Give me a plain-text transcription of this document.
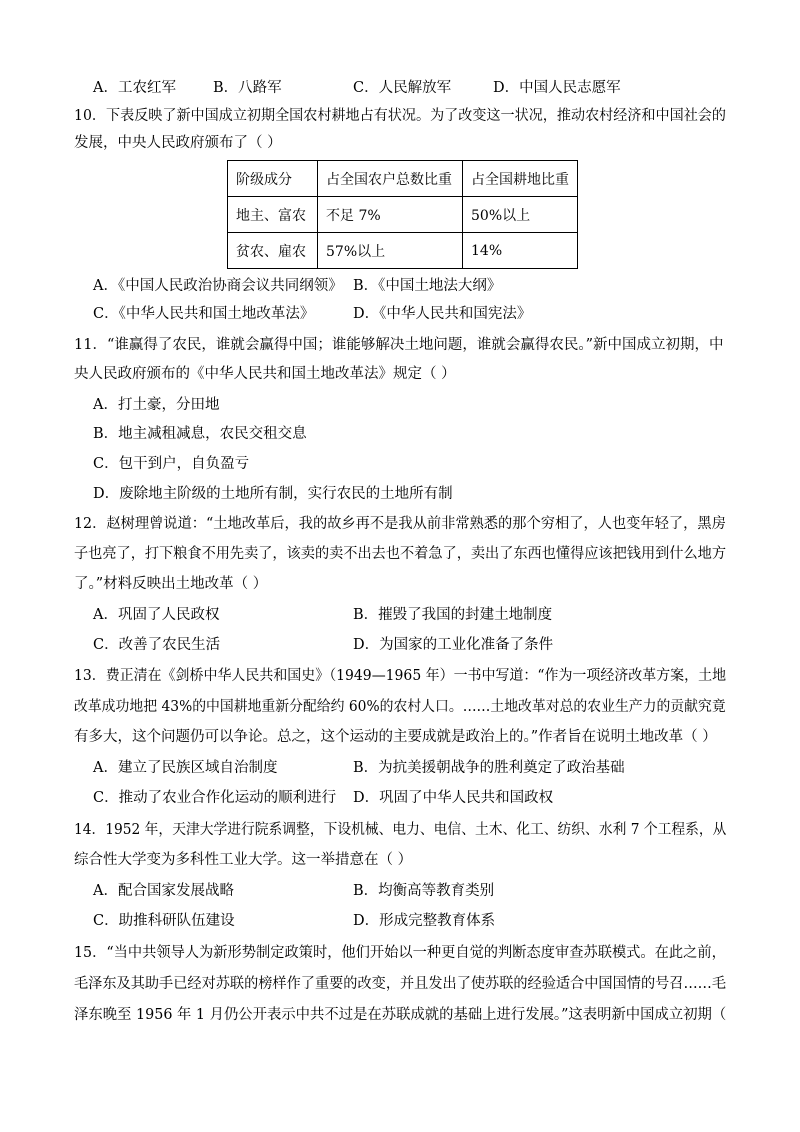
A．工农红军	B．八路军	C．人民解放军	D．中国人民志愿军
10．下表反映了新中国成立初期全国农村耕地占有状况。为了改变这一状况，推动农村经济和中国社会的
发展，中央人民政府颁布了（ ）
阶级成分	占全国农户总数比重	占全国耕地比重
地主、富农	不足 7%	50%以上
贫农、雇农	57%以上	14%
A．《中国人民政治协商会议共同纲领》 B．《中国土地法大纲》
C．《中华人民共和国土地改革法》	D．《中华人民共和国宪法》
11．“谁赢得了农民，谁就会赢得中国；谁能够解决土地问题，谁就会赢得农民。”新中国成立初期，中
央人民政府颁布的《中华人民共和国土地改革法》规定（ ）
A．打土豪，分田地
B．地主减租减息，农民交租交息
C．包干到户，自负盈亏
D．废除地主阶级的土地所有制，实行农民的土地所有制
12．赵树理曾说道：“土地改革后，我的故乡再不是我从前非常熟悉的那个穷相了，人也变年轻了，黑房
子也亮了，打下粮食不用先卖了，该卖的卖不出去也不着急了，卖出了东西也懂得应该把钱用到什么地方
了。”材料反映出土地改革（ ）
A．巩固了人民政权	B．摧毁了我国的封建土地制度
C．改善了农民生活	D．为国家的工业化准备了条件
13．费正清在《剑桥中华人民共和国史》（1949—1965 年）一书中写道：“作为一项经济改革方案，土地
改革成功地把 43%的中国耕地重新分配给约 60%的农村人口。……土地改革对总的农业生产力的贡献究竟
有多大，这个问题仍可以争论。总之，这个运动的主要成就是政治上的。”作者旨在说明土地改革（ ）
A．建立了民族区域自治制度	B．为抗美援朝战争的胜利奠定了政治基础
C．推动了农业合作化运动的顺利进行 D．巩固了中华人民共和国政权
14．1952 年，天津大学进行院系调整，下设机械、电力、电信、土木、化工、纺织、水利 7 个工程系，从
综合性大学变为多科性工业大学。这一举措意在（ ）
A．配合国家发展战略	B．均衡高等教育类别
C．助推科研队伍建设	D．形成完整教育体系
15．“当中共领导人为新形势制定政策时，他们开始以一种更自觉的判断态度审查苏联模式。在此之前，
毛泽东及其助手已经对苏联的榜样作了重要的改变，并且发出了使苏联的经验适合中国国情的号召……毛
泽东晚至 1956 年 1 月仍公开表示中共不过是在苏联成就的基础上进行发展。”这表明新中国成立初期（
